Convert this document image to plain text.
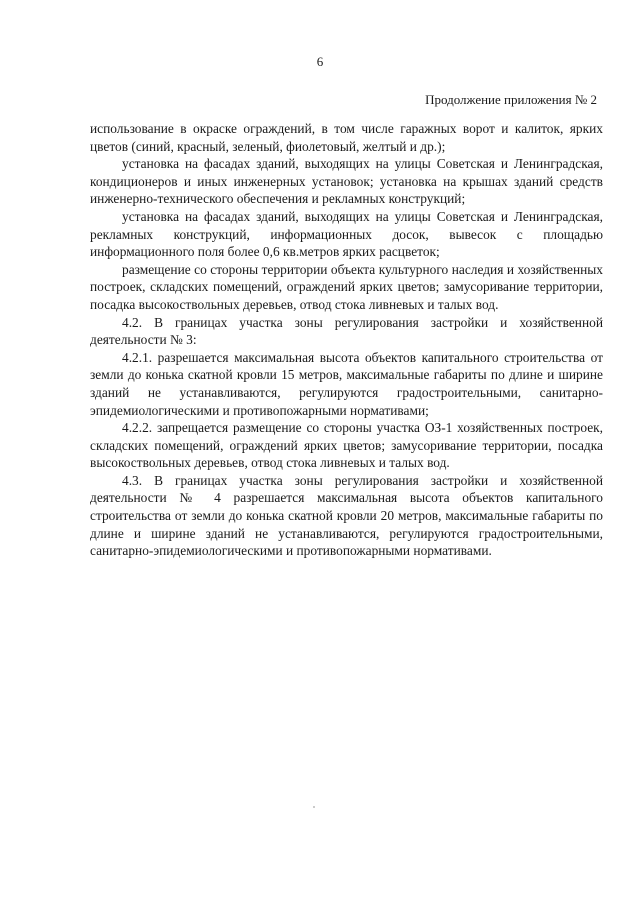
6
Продолжение приложения № 2

использование в окраске ограждений, в том числе гаражных ворот и калиток, ярких цветов (синий, красный, зеленый, фиолетовый, желтый и др.);

установка на фасадах зданий, выходящих на улицы Советская и Ленинградская, кондиционеров и иных инженерных установок; установка на крышах зданий средств инженерно-технического обеспечения и рекламных конструкций;

установка на фасадах зданий, выходящих на улицы Советская и Ленинградская, рекламных конструкций, информационных досок, вывесок с площадью информационного поля более 0,6 кв.метров ярких расцветок;

размещение со стороны территории объекта культурного наследия и хозяйственных построек, складских помещений, ограждений ярких цветов; замусоривание территории, посадка высокоствольных деревьев, отвод стока ливневых и талых вод.

4.2. В границах участка зоны регулирования застройки и хозяйственной деятельности № 3:

4.2.1. разрешается максимальная высота объектов капитального строительства от земли до конька скатной кровли 15 метров, максимальные габариты по длине и ширине зданий не устанавливаются, регулируются градостроительными, санитарно-эпидемиологическими и противопожарными нормативами;

4.2.2. запрещается размещение со стороны участка ОЗ-1 хозяйственных построек, складских помещений, ограждений ярких цветов; замусоривание территории, посадка высокоствольных деревьев, отвод стока ливневых и талых вод.

4.3. В границах участка зоны регулирования застройки и хозяйственной деятельности № 4 разрешается максимальная высота объектов капитального строительства от земли до конька скатной кровли 20 метров, максимальные габариты по длине и ширине зданий не устанавливаются, регулируются градостроительными, санитарно-эпидемиологическими и противопожарными нормативами.
